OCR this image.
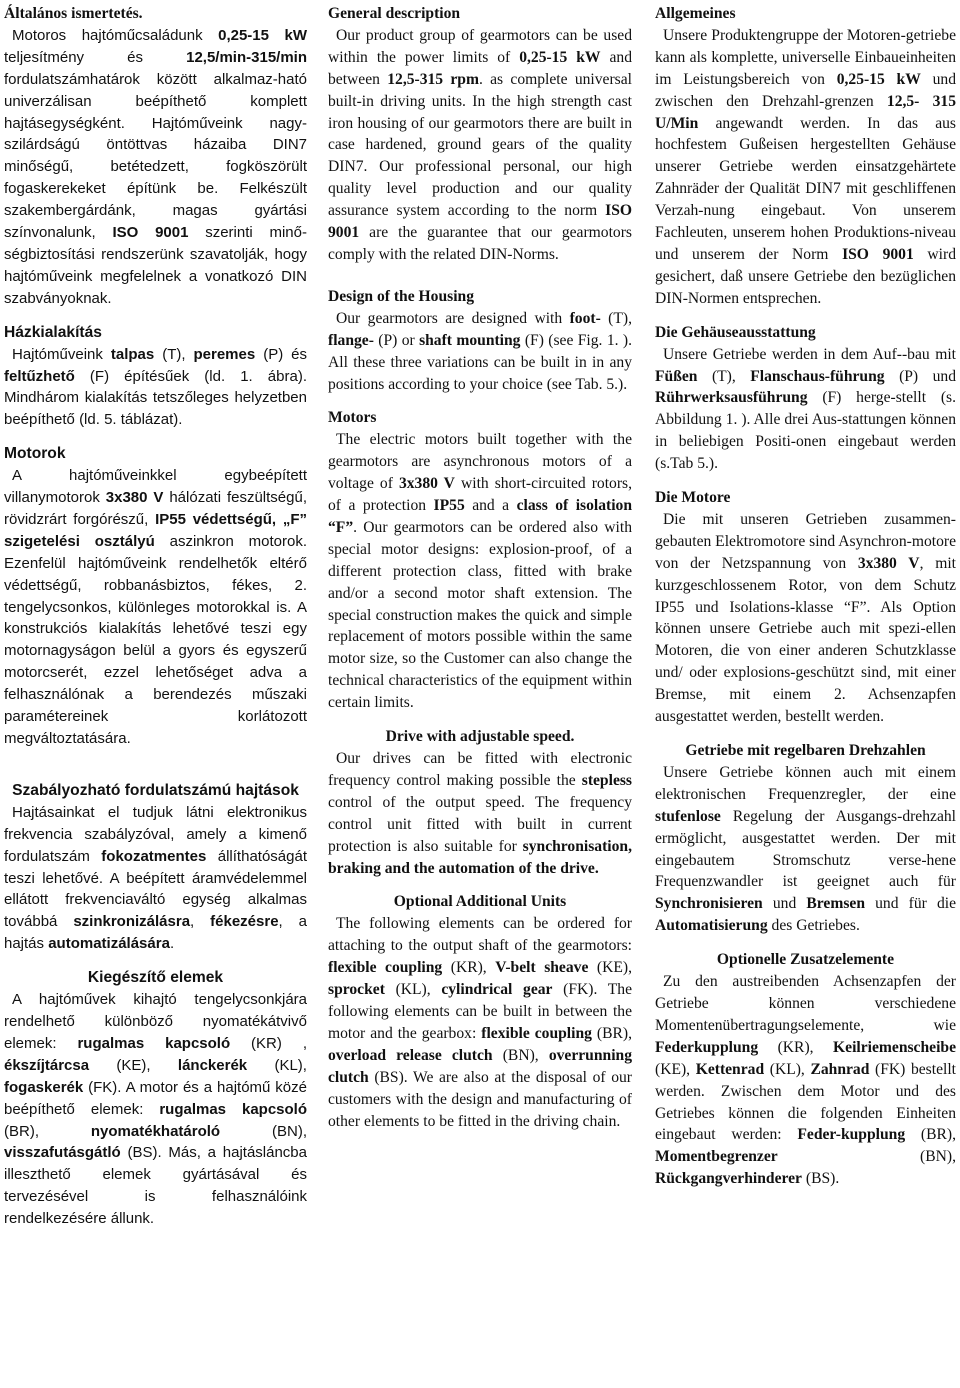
Általános ismertetés.

Motoros hajtóműcsaládunk 0,25-15 kW teljesítmény és 12,5/min-315/min fordulatszámhatárok között alkalmaz-ható univerzálisan beépíthető komplett hajtásegységként. Hajtóműveink nagy-szilárdságú öntöttvas házaiba DIN7 minőségű, betétedzett, fogköszörült fogaskerekeket építünk be. Felkészült szakembergárdánk, magas gyártási színvonalunk, ISO 9001 szerinti minő-ségbiztosítási rendszerünk szavatolják, hogy hajtóműveink megfelelnek a vonatkozó DIN szabványoknak.

Házkialakítás

Hajtóműveink talpas (T), peremes (P) és feltűzhető (F) építésűek (ld. 1. ábra). Mindhárom kialakítás tetszőleges helyzetben beépíthető (ld. 5. táblázat).

Motorok

A hajtóműveinkkel egybeépített villanymotorok 3x380 V hálózati feszültségű, rövidzrárt forgórészű, IP55 védettségű, „F” szigetelési osztályú aszinkron motorok. Ezenfelül hajtóműveink rendelhetők eltérő védettségű, robbanásbiztos, fékes, 2. tengelycsonkos, különleges motorokkal is. A konstrukciós kialakítás lehetővé teszi egy motornagyságon belül a gyors és egyszerű motorcserét, ezzel lehetőséget adva a felhasználónak a berendezés műszaki paramétereinek korlátozott megváltoztatására.

Szabályozható fordulatszámú hajtások

Hajtásainkat el tudjuk látni elektronikus frekvencia szabályzóval, amely a kimenő fordulatszám fokozatmentes állíthatóságát teszi lehetővé. A beépített áramvédelemmel ellátott frekvenciaváltó egység alkalmas továbbá szinkronizálásra, fékezésre, a hajtás automatizálására.

Kiegészítő elemek

A hajtóművek kihajtó tengelycsonkjára rendelhető különböző nyomatékátvivő elemek: rugalmas kapcsoló (KR) , ékszíjtárcsa (KE), lánckerék (KL), fogaskerék (FK). A motor és a hajtómű közé beépíthető elemek: rugalmas kapcsoló (BR), nyomatékhatároló (BN), visszafutásgátló (BS). Más, a hajtásláncba illeszthető elemek gyártásával és tervezésével is felhasználóink rendelkezésére állunk.

General description

Our product group of gearmotors can be used within the power limits of 0,25-15 kW and between 12,5-315 rpm. as complete universal built-in driving units. In the high strength cast iron housing of our gearmotors there are built in case hardened, ground gears of the quality DIN7. Our professional personal, our high quality level production and our quality assurance system according to the norm ISO 9001 are the guarantee that our gearmotors comply with the related DIN-Norms.

Design of the Housing

Our gearmotors are designed with foot- (T), flange- (P) or shaft mounting (F) (see Fig. 1. ). All these three variations can be built in in any positions according to your choice (see Tab. 5.).

Motors

The electric motors built together with the gearmotors are asynchronous motors of a voltage of 3x380 V with short-circuited rotors, of a protection IP55 and a class of isolation “F”. Our gearmotors can be ordered also with special motor designs: explosion-proof, of a different protection class, fitted with brake and/or a second motor shaft extension. The special construction makes the quick and simple replacement of motors possible within the same motor size, so the Customer can also change the technical characteristics of the equipment within certain limits.

Drive with adjustable speed.

Our drives can be fitted with electronic frequency control making possible the stepless control of the output speed. The frequency control unit fitted with built in current protection is also suitable for synchronisation, braking and the automation of the drive.

Optional Additional Units

The following elements can be ordered for attaching to the output shaft of the gearmotors: flexible coupling (KR), V-belt sheave (KE), sprocket (KL), cylindrical gear (FK). The following elements can be built in between the motor and the gearbox: flexible coupling (BR), overload release clutch (BN), overrunning clutch (BS). We are also at the disposal of our customers with the design and manufacturing of other elements to be fitted in the driving chain.

Allgemeines

Unsere Produktengruppe der Motoren-getriebe kann als komplette, universelle Einbaueinheiten im Leistungsbereich von 0,25-15 kW und zwischen den Drehzahl-grenzen 12,5- 315 U/Min angewandt werden. In das aus hochfestem Gußeisen hergestellten Gehäuse unserer Getriebe werden einsatzgehärtete Zahnräder der Qualität DIN7 mit geschliffenen Verzah-nung eingebaut. Von unserem Fachleuten, unserem hohen Produktions-niveau und unserem der Norm ISO 9001 wird gesichert, daß unsere Getriebe den bezüglichen DIN-Normen entsprechen.

Die Gehäuseausstattung

Unsere Getriebe werden in dem Auf--bau mit Füßen (T), Flanschaus-führung (P) und Rührwerksausführung (F) herge-stellt (s. Abbildung 1. ). Alle drei Aus-stattungen können in beliebigen Positi-onen eingebaut werden (s.Tab 5.).

Die Motore

Die mit unseren Getrieben zusammen-gebauten Elektromotore sind Asynchron-motore von der Netzspannung von 3x380 V, mit kurzgeschlossenem Rotor, von dem Schutz IP55 und Isolations-klasse “F”. Als Option können unsere Getriebe auch mit spezi-ellen Motoren, die von einer anderen Schutzklasse und/ oder explosions-geschützt sind, mit einer Bremse, mit einem 2. Achsenzapfen ausgestattet werden, bestellt werden.

Getriebe mit regelbaren Drehzahlen

Unsere Getriebe können auch mit einem elektronischen Frequenzregler, der eine stufenlose Regelung der Ausgangs-drehzahl ermöglicht, ausgestattet werden. Der mit eingebautem Stromschutz verse-hene Frequenzwandler ist geeignet auch für Synchronisieren und Bremsen und für die Automatisierung des Getriebes.

Optionelle Zusatzelemente

Zu den austreibenden Achsenzapfen der Getriebe können verschiedene Momentenübertragungselemente, wie Federkupplung (KR), Keilriemenscheibe (KE), Kettenrad (KL), Zahnrad (FK) bestellt werden. Zwischen dem Motor und des Getriebes können die folgenden Einheiten eingebaut werden: Feder-kupplung (BR), Momentbegrenzer (BN), Rückgangverhinderer (BS).
